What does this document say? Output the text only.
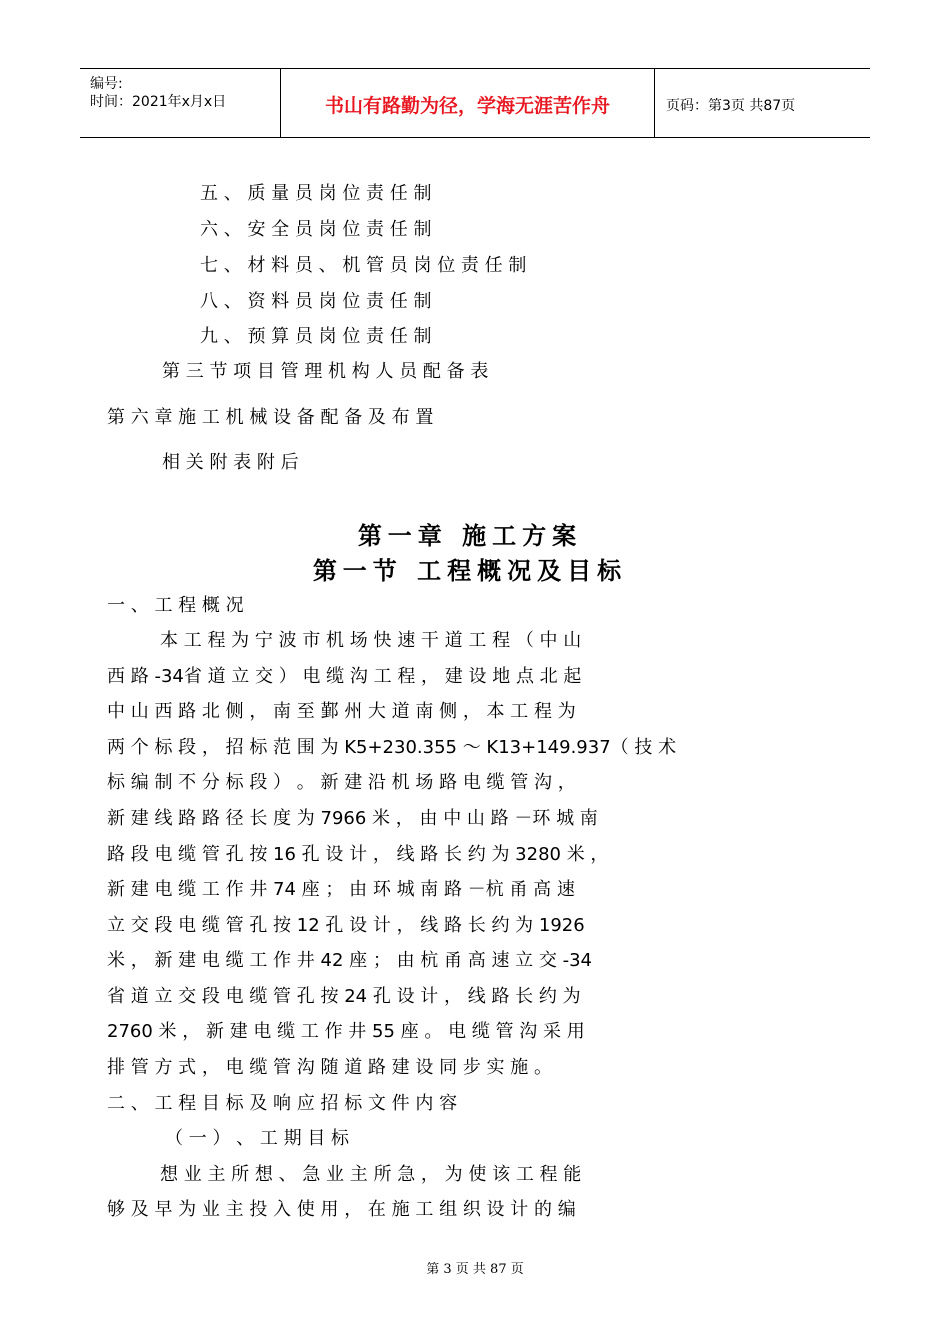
编号:
时间：2021年x月x日	书山有路勤为径，学海无涯苦作舟	页码：第3页 共87页
五 、 质 量 员 岗 位 责 任 制
六 、 安 全 员 岗 位 责 任 制
七 、 材 料 员 、 机 管 员 岗 位 责 任 制
八 、 资 料 员 岗 位 责 任 制
九 、 预 算 员 岗 位 责 任 制
第 三 节 项 目 管 理 机 构 人 员 配 备 表
第 六 章 施 工 机 械 设 备 配 备 及 布 置
相 关 附 表 附 后
第一章 施工方案
第一节 工程概况及目标
一 、 工 程 概 况
本 工 程 为 宁 波 市 机 场 快 速 干 道 工 程 （ 中 山
西 路 -34省 道 立 交 ） 电 缆 沟 工 程 ， 建 设 地 点 北 起
中 山 西 路 北 侧 ， 南 至 鄞 州 大 道 南 侧 ， 本 工 程 为
两 个 标 段 ， 招 标 范 围 为 K5+230.355 ～ K13+149.937（ 技 术
标 编 制 不 分 标 段 ） 。 新 建 沿 机 场 路 电 缆 管 沟 ，
新 建 线 路 路 径 长 度 为 7966 米 ， 由 中 山 路 －环 城 南
路 段 电 缆 管 孔 按 16 孔 设 计 ， 线 路 长 约 为 3280 米 ，
新 建 电 缆 工 作 井 74 座 ； 由 环 城 南 路 －杭 甬 高 速
立 交 段 电 缆 管 孔 按 12 孔 设 计 ， 线 路 长 约 为 1926
米 ， 新 建 电 缆 工 作 井 42 座 ； 由 杭 甬 高 速 立 交 -34
省 道 立 交 段 电 缆 管 孔 按 24 孔 设 计 ， 线 路 长 约 为
2760 米 ， 新 建 电 缆 工 作 井 55 座 。 电 缆 管 沟 采 用
排 管 方 式 ， 电 缆 管 沟 随 道 路 建 设 同 步 实 施 。
二 、 工 程 目 标 及 响 应 招 标 文 件 内 容
（ 一 ） 、 工 期 目 标
想 业 主 所 想 、 急 业 主 所 急 ， 为 使 该 工 程 能
够 及 早 为 业 主 投 入 使 用 ， 在 施 工 组 织 设 计 的 编
第 3 页 共 87 页
